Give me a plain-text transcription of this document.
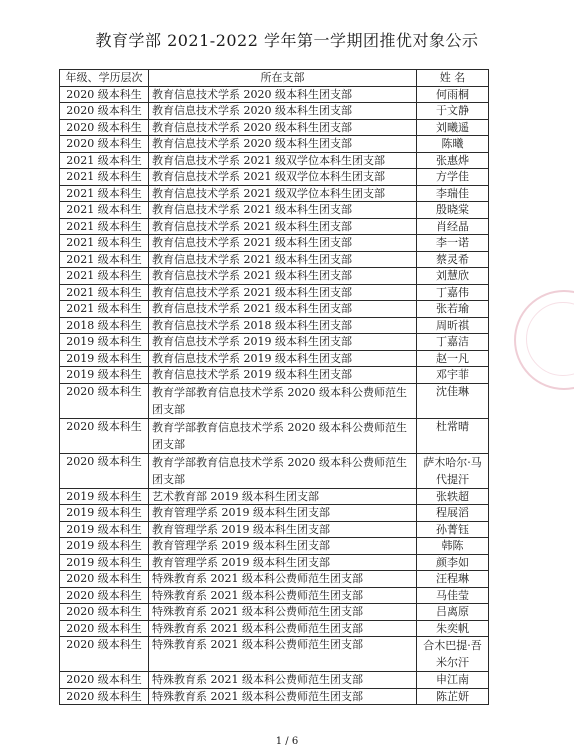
教育学部 2021-2022 学年第一学期团推优对象公示
年级、学历层次	所在支部	姓 名
2020 级本科生	教育信息技术学系 2020 级本科生团支部	何雨桐
2020 级本科生	教育信息技术学系 2020 级本科生团支部	于文静
2020 级本科生	教育信息技术学系 2020 级本科生团支部	刘曦遥
2020 级本科生	教育信息技术学系 2020 级本科生团支部	陈曦
2021 级本科生	教育信息技术学系 2021 级双学位本科生团支部	张惠烨
2021 级本科生	教育信息技术学系 2021 级双学位本科生团支部	方学佳
2021 级本科生	教育信息技术学系 2021 级双学位本科生团支部	李瑞佳
2021 级本科生	教育信息技术学系 2021 级本科生团支部	殷晓棠
2021 级本科生	教育信息技术学系 2021 级本科生团支部	肖经晶
2021 级本科生	教育信息技术学系 2021 级本科生团支部	李一诺
2021 级本科生	教育信息技术学系 2021 级本科生团支部	蔡灵希
2021 级本科生	教育信息技术学系 2021 级本科生团支部	刘慧欣
2021 级本科生	教育信息技术学系 2021 级本科生团支部	丁嘉伟
2021 级本科生	教育信息技术学系 2021 级本科生团支部	张若瑜
2018 级本科生	教育信息技术学系 2018 级本科生团支部	周昕祺
2019 级本科生	教育信息技术学系 2019 级本科生团支部	丁嘉洁
2019 级本科生	教育信息技术学系 2019 级本科生团支部	赵一凡
2019 级本科生	教育信息技术学系 2019 级本科生团支部	邓宇菲
2020 级本科生	教育学部教育信息技术学系 2020 级本科公费师范生团支部	沈佳琳
2020 级本科生	教育学部教育信息技术学系 2020 级本科公费师范生团支部	杜常晴
2020 级本科生	教育学部教育信息技术学系 2020 级本科公费师范生团支部	萨木哈尔·马代提汗
2019 级本科生	艺术教育部 2019 级本科生团支部	张轶超
2019 级本科生	教育管理学系 2019 级本科生团支部	程展滔
2019 级本科生	教育管理学系 2019 级本科生团支部	孙菁钰
2019 级本科生	教育管理学系 2019 级本科生团支部	韩陈
2019 级本科生	教育管理学系 2019 级本科生团支部	颜李如
2020 级本科生	特殊教育系 2021 级本科公费师范生团支部	汪程琳
2020 级本科生	特殊教育系 2021 级本科公费师范生团支部	马佳莹
2020 级本科生	特殊教育系 2021 级本科公费师范生团支部	吕离原
2020 级本科生	特殊教育系 2021 级本科公费师范生团支部	朱奕帆
2020 级本科生	特殊教育系 2021 级本科公费师范生团支部	合木巴提·吾米尔汗
2020 级本科生	特殊教育系 2021 级本科公费师范生团支部	申江南
2020 级本科生	特殊教育系 2021 级本科公费师范生团支部	陈芷妍
1 / 6
